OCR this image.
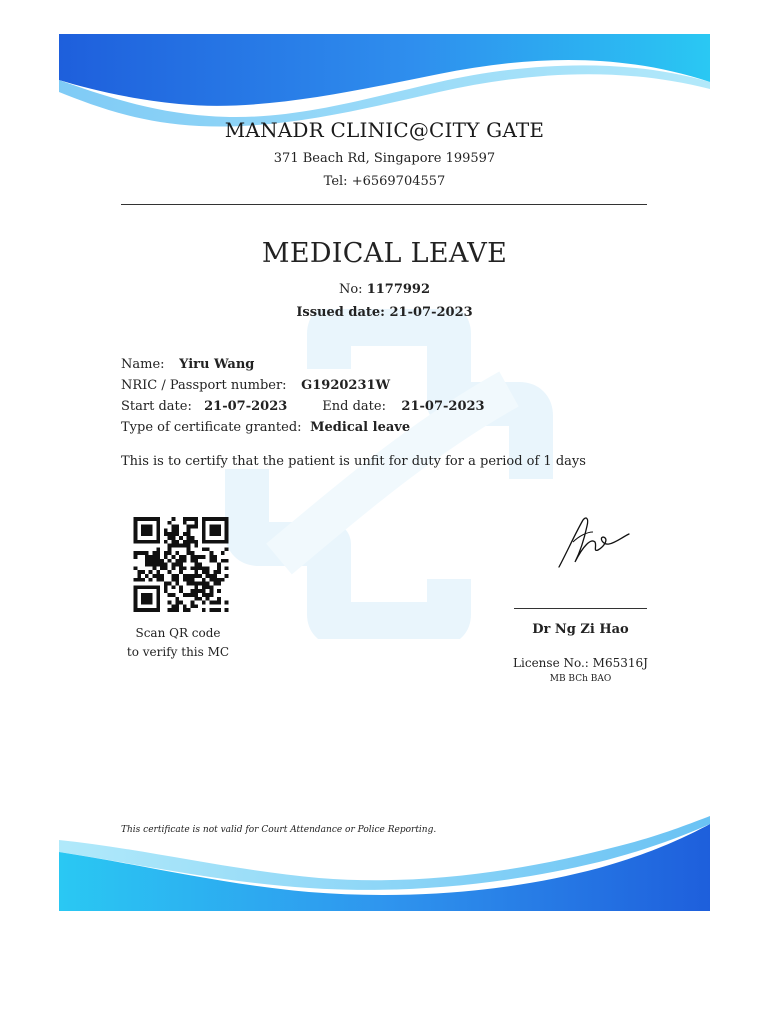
MANADR CLINIC@CITY GATE
371 Beach Rd, Singapore 199597
Tel: +6569704557
MEDICAL LEAVE
No: 1177992
Issued date: 21-07-2023
Name: Yiru Wang
NRIC / Passport number: G1920231W
Start date: 21-07-2023	End date: 21-07-2023
Type of certificate granted: Medical leave
This is to certify that the patient is unfit for duty for a period of 1 days
Scan QR code
to verify this MC
Dr Ng Zi Hao
License No.: M65316J
MB BCh BAO
This certificate is not valid for Court Attendance or Police Reporting.
